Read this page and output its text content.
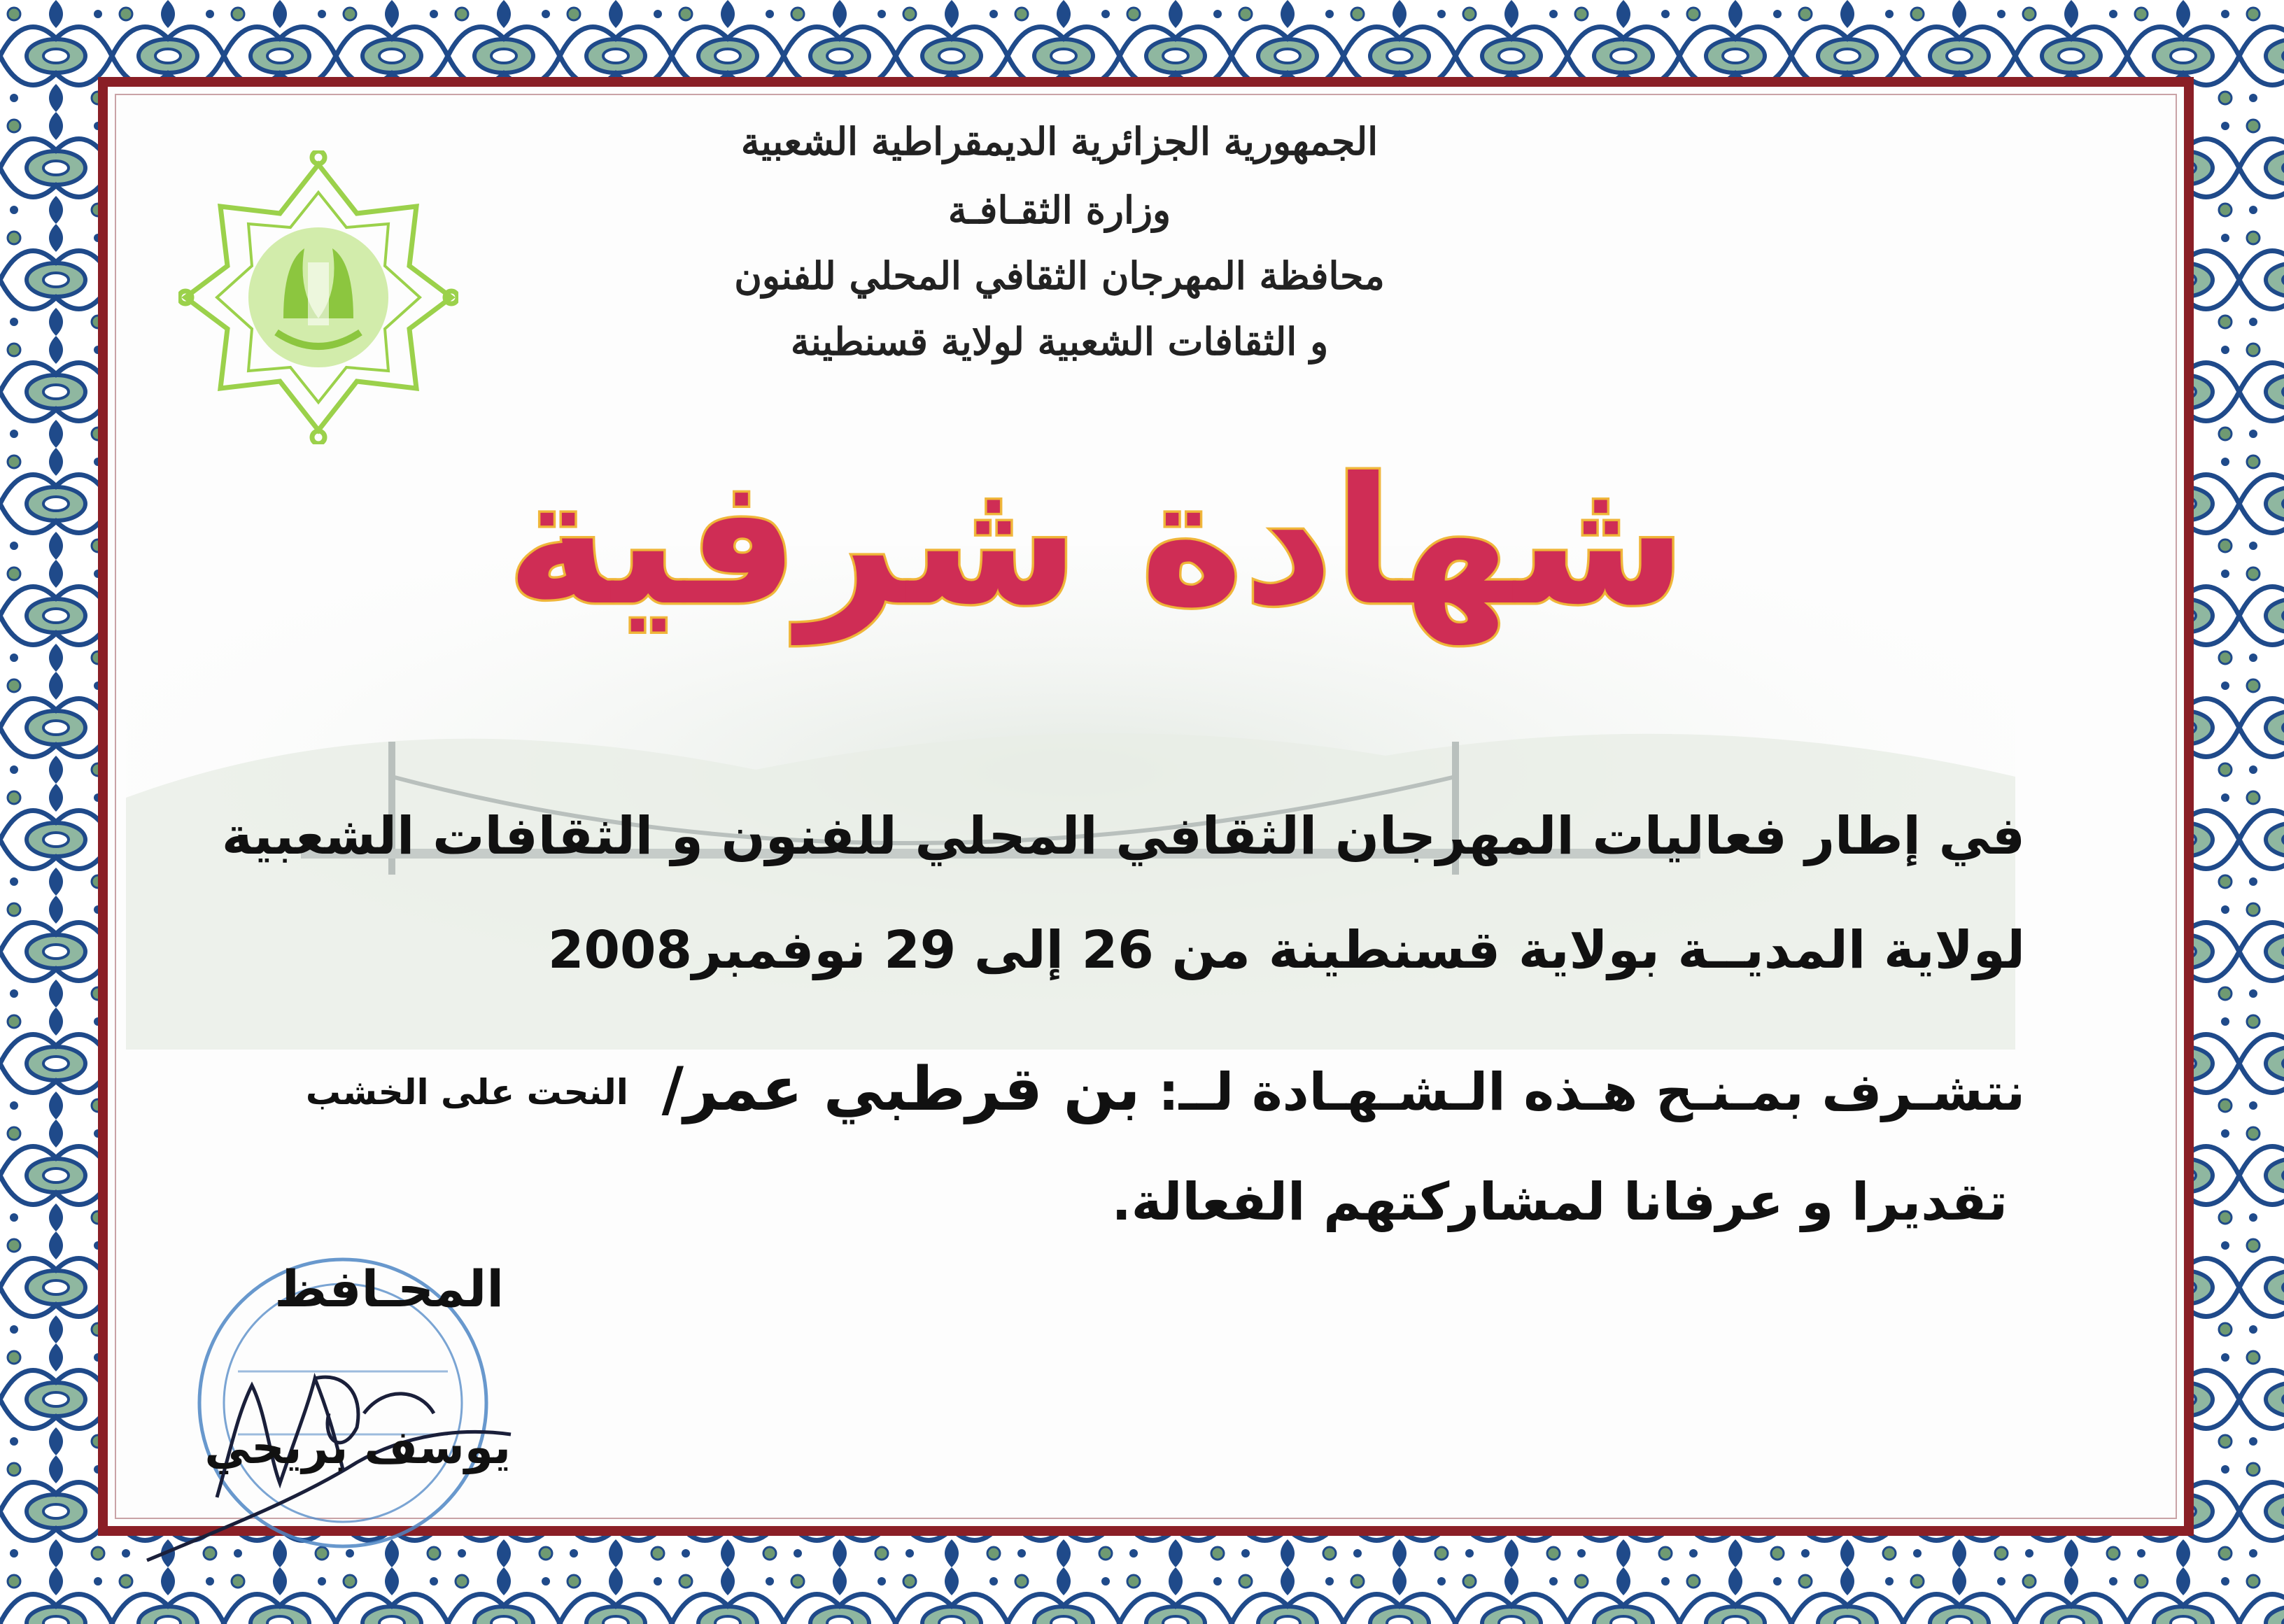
الجمهورية الجزائرية الديمقراطية الشعبية
وزارة الثقـافـة
محافظة المهرجان الثقافي المحلي للفنون
و الثقافات الشعبية لولاية قسنطينة
شهادة شرفية
في إطار فعاليات المهرجان الثقافي المحلي للفنون و الثقافات الشعبية
لولاية المديــة بولاية قسنطينة من 26 إلى 29 نوفمبر2008
نتشـرف بمـنـح هـذه الـشـهـادة لــ: بن قرطبي عمر/ النحت على الخشب
تقديرا و عرفانا لمشاركتهم الفعالة.
المحـافظ
يوسف بريحي
